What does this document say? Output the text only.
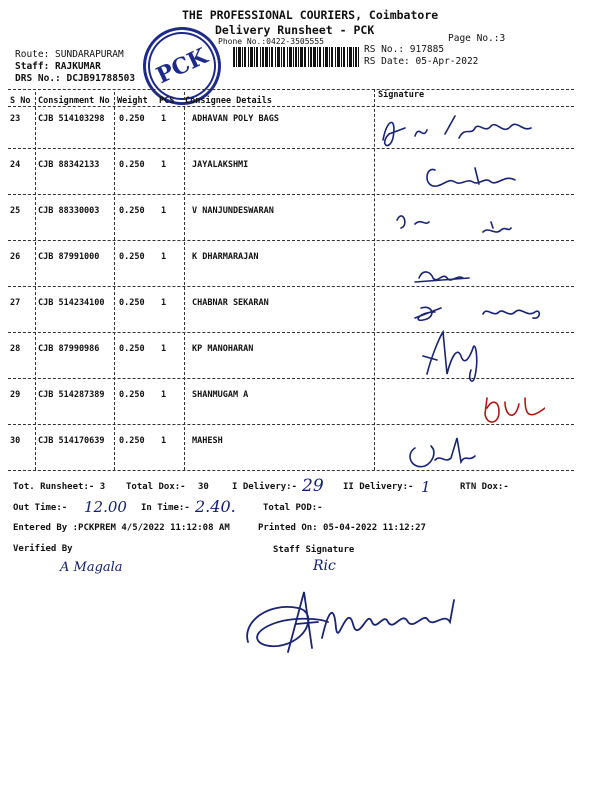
THE PROFESSIONAL COURIERS, Coimbatore
Delivery Runsheet - PCK
Phone No.:0422-3505555	Page No.:3
PCK
Route: SUNDARAPURAM
Staff: RAJKUMAR
DRS No.: DCJB91788503
RS No.: 917885
RS Date: 05-Apr-2022
S No Consignment No Weight PCS Consignee Details
Signature
23 CJB 514103298 0.250 1	ADHAVAN POLY BAGS
24 CJB 88342133 0.250 1	JAYALAKSHMI
25 CJB 88330003 0.250 1	V NANJUNDESWARAN
26 CJB 87991000 0.250 1	K DHARMARAJAN
27 CJB 514234100 0.250 1	CHABNAR SEKARAN
28 CJB 87990986 0.250 1	KP MANOHARAN
29 CJB 514287389 0.250 1	SHANMUGAM A
30 CJB 514170639 0.250 1	MAHESH
Tot. Runsheet:- 3 Total Dox:- 30	I Delivery:- 29 II Delivery:- 1	RTN Dox:-
Out Time:- 12.00 In Time:- 2.40.	Total POD:-
Entered By :PCKPREM 4/5/2022 11:12:08 AM	Printed On: 05-04-2022 11:12:27
Verified By	Staff Signature
A Magala	Ric
